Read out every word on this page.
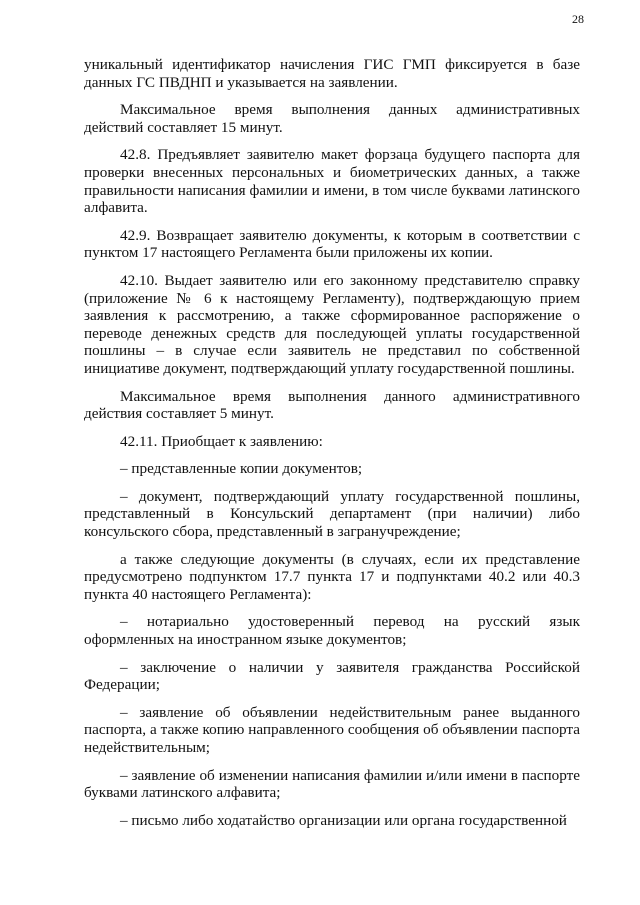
28

уникальный идентификатор начисления ГИС ГМП фиксируется в базе данных ГС ПВДНП и указывается на заявлении.

Максимальное время выполнения данных административных действий составляет 15 минут.

42.8. Предъявляет заявителю макет форзаца будущего паспорта для проверки внесенных персональных и биометрических данных, а также правильности написания фамилии и имени, в том числе буквами латинского алфавита.

42.9. Возвращает заявителю документы, к которым в соответствии с пунктом 17 настоящего Регламента были приложены их копии.

42.10. Выдает заявителю или его законному представителю справку (приложение № 6 к настоящему Регламенту), подтверждающую прием заявления к рассмотрению, а также сформированное распоряжение о переводе денежных средств для последующей уплаты государственной пошлины – в случае если заявитель не представил по собственной инициативе документ, подтверждающий уплату государственной пошлины.

Максимальное время выполнения данного административного действия составляет 5 минут.

42.11. Приобщает к заявлению:

– представленные копии документов;

– документ, подтверждающий уплату государственной пошлины, представленный в Консульский департамент (при наличии) либо консульского сбора, представленный в загранучреждение;

а также следующие документы (в случаях, если их представление предусмотрено подпунктом 17.7 пункта 17 и подпунктами 40.2 или 40.3 пункта 40 настоящего Регламента):

– нотариально удостоверенный перевод на русский язык оформленных на иностранном языке документов;

– заключение о наличии у заявителя гражданства Российской Федерации;

– заявление об объявлении недействительным ранее выданного паспорта, а также копию направленного сообщения об объявлении паспорта недействительным;

– заявление об изменении написания фамилии и/или имени в паспорте буквами латинского алфавита;

– письмо либо ходатайство организации или органа государственной
